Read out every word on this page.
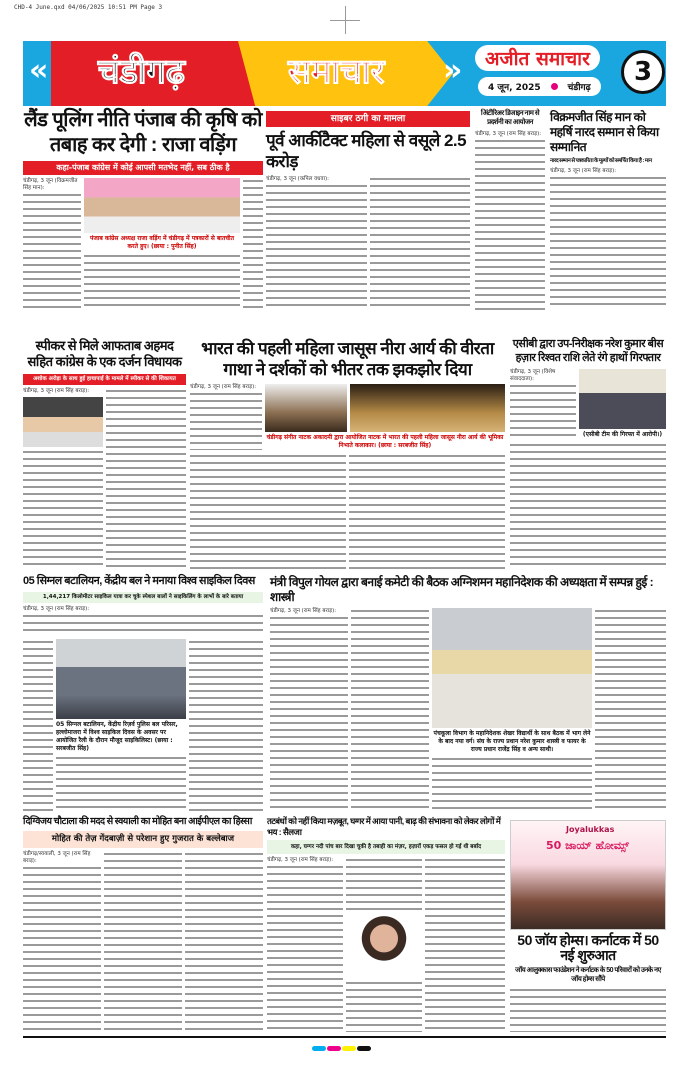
CHD-4 June.qxd 04/06/2025 10:51 PM Page 3
«	»
चंडीगढ़	समाचार	अजीत समाचार
4 जून, 2025	चंडीगढ़
3
लैंड पूलिंग नीति पंजाब की कृषि को तबाह कर देगी : राजा वड़िंग
कहा-पंजाब कांग्रेस में कोई आपसी मतभेद नहीं, सब ठीक है
चंडीगढ़, 3 जून (विक्रमजीत सिंह मान):
पंजाब कांग्रेस अध्यक्ष राजा वड़िंग में चंडीगढ़ में पत्रकारों से बातचीत करते हुए। (छाया : पुनीत सिंह)
साइबर ठगी का मामला
पूर्व आर्कीटैक्ट महिला से वसूले 2.5 करोड़
चंडीगढ़, 3 जून (कपिल वधवा):
अिंटीरिअर डिजाइन नाम से प्रदर्शनी का आयोजन
चंडीगढ़, 3 जून (राम सिंह बराड़):
विक्रमजीत सिंह मान को महर्षि नारद सम्मान से किया सम्मानित
नारद सम्मान से पत्रकारिता के मूल्यों को समर्पित किया है : मान
चंडीगढ़, 3 जून (राम सिंह बराड़):
स्पीकर से मिले आफताब अहमद सहित कांग्रेस के एक दर्जन विधायक
अशोक अरोड़ा के साथ हुई हाथापाई के मामले में स्पीकर से की शिकायत
चंडीगढ़, 3 जून (राम सिंह बराड़):
भारत की पहली महिला जासूस नीरा आर्य की वीरता गाथा ने दर्शकों को भीतर तक झकझोर दिया
चंडीगढ़, 3 जून (राम सिंह बराड़):
चंडीगढ़ संगीत नाटक अकादमी द्वारा आयोजित नाटक में भारत की पहली महिला जासूस नीरा आर्य की भूमिका निभाते कलाकार। (छाया : सरबजीत सिंह)
एसीबी द्वारा उप-निरीक्षक नरेश कुमार बीस हज़ार रिश्वत राशि लेते रंगे हाथों गिरफ्तार
चंडीगढ़, 3 जून (विशेष संवाददाता):
(एसीबी टीम की गिरफ्त में आरोपी।)
05 सिग्नल बटालियन, केंद्रीय बल ने मनाया विश्व साइकिल दिवस
1,44,217 किलोमीटर साइकिल यात्रा कर चुके स्पेशल बालों ने साइकिलिंग के लाभों के बारे बताया
चंडीगढ़, 3 जून (राम सिंह बराड़):
05 सिग्नल बटालियन, केंद्रीय रिज़र्व पुलिस बल परिसर, हल्लोमाजरा में विश्व साइकिल दिवस के अवसर पर आयोजित रैली के दौरान मौजूद साइकिलिस्ट। (छाया : सरबजीत सिंह)
मंत्री विपुल गोयल द्वारा बनाई कमेटी की बैठक अग्निशमन महानिदेशक की अध्यक्षता में सम्पन्न हुई : शास्त्री
चंडीगढ़, 3 जून (राम सिंह बराड़):
पंचकूला विभाग के महानिदेशक शेखर विद्यार्थी के साथ बैठक में भाग लेने के बाद नया वर्ग। संघ के राज्य प्रधान नरेश कुमार शास्त्री व फायर के राज्य प्रधान राजेंद्र सिंह व अन्य साथी।
दिग्विजय चौटाला की मदद से स्वयाली का मोहित बना आईपीएल का हिस्सा
मोहित की तेज़ गेंदबाज़ी से परेशान हुए गुजरात के बल्लेबाज
चंडीगढ़/स्वयाली, 3 जून (राम सिंह बराड़):
तटबंधों को नहीं किया मज़बूत, घग्गर में आया पानी, बाढ़ की संभावना को लेकर लोगों में भय : सैलजा
कहा, घग्गर नदी पांच बार दिखा चुकी है तबाही का मंज़र, हज़ारों एकड़ फसल हो गई थी बर्बाद
चंडीगढ़, 3 जून (राम सिंह बराड़):
Joyalukkas
50 ಜಾಯ್ ಹೋಮ್ಸ್
50 जॉय होम्स। कर्नाटक में 50 नई शुरुआत
जॉय आलुक्कास फाउंडेशन ने कर्नाटक के 50 परिवारों को उनके नए जॉय होम्स सौंपे
